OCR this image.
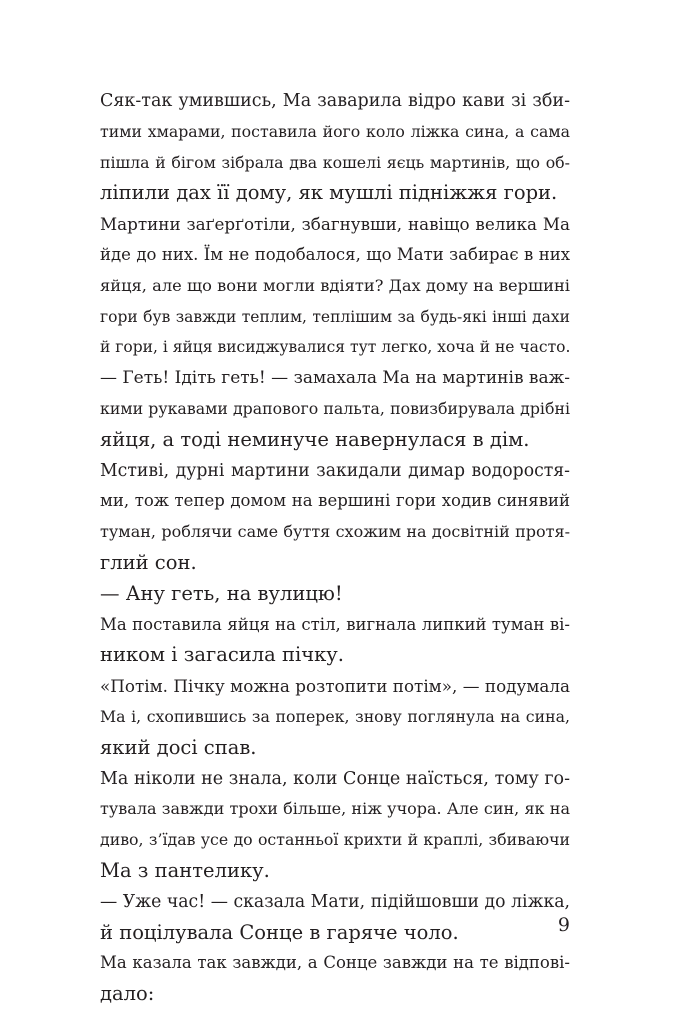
Сяк-так умившись, Ма заварила відро кави зі зби-
тими хмарами, поставила його коло ліжка сина, а сама
пішла й бігом зібрала два кошелі яєць мартинів, що об-
ліпили дах її дому, як мушлі підніжжя гори.
Мартини заґерґотіли, збагнувши, навіщо велика Ма
йде до них. Їм не подобалося, що Мати забирає в них
яйця, але що вони могли вдіяти? Дах дому на вершині
гори був завжди теплим, теплішим за будь-які інші дахи
й гори, і яйця висиджувалися тут легко, хоча й не часто.
— Геть! Ідіть геть! — замахала Ма на мартинів важ-
кими рукавами драпового пальта, повизбирувала дрібні
яйця, а тоді неминуче навернулася в дім.
Мстиві, дурні мартини закидали димар водоростя-
ми, тож тепер домом на вершині гори ходив синявий
туман, роблячи саме буття схожим на досвітній протя-
глий сон.
— Ану геть, на вулицю!
Ма поставила яйця на стіл, вигнала липкий туман ві-
ником і загасила пічку.
«Потім. Пічку можна розтопити потім», — подумала
Ма і, схопившись за поперек, знову поглянула на сина,
який досі спав.
Ма ніколи не знала, коли Сонце наїсться, тому го-
тувала завжди трохи більше, ніж учора. Але син, як на
диво, з’їдав усе до останньої крихти й краплі, збиваючи
Ма з пантелику.
— Уже час! — сказала Мати, підійшовши до ліжка,
й поцілувала Сонце в гаряче чоло.
Ма казала так завжди, а Сонце завжди на те відпові-
дало:
9
